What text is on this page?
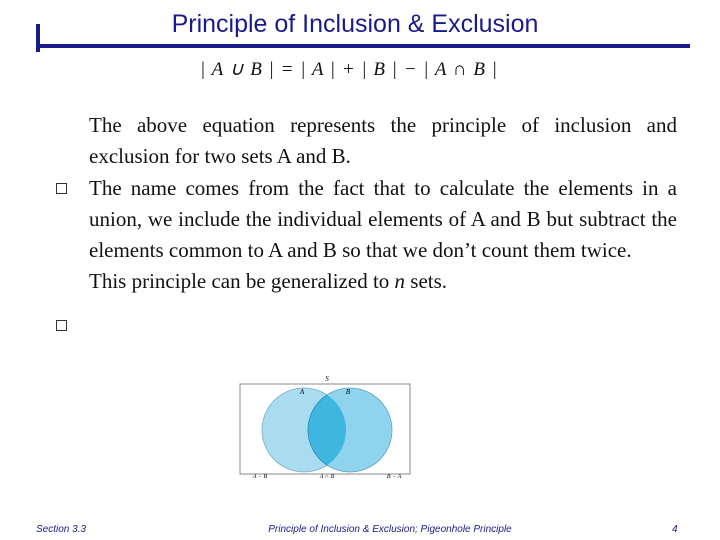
Principle of Inclusion & Exclusion
| A ∪ B | = | A | + | B | − | A ∩ B |

The above equation represents the principle of inclusion and exclusion for two sets A and B.

The name comes from the fact that to calculate the elements in a union, we include the individual elements of A and B but subtract the elements common to A and B so that we don’t count them twice.

This principle can be generalized to n sets.

S
A	B
A − B	A ∩ B	B − A
Section 3.3	Principle of Inclusion & Exclusion; Pigeonhole Principle	4
